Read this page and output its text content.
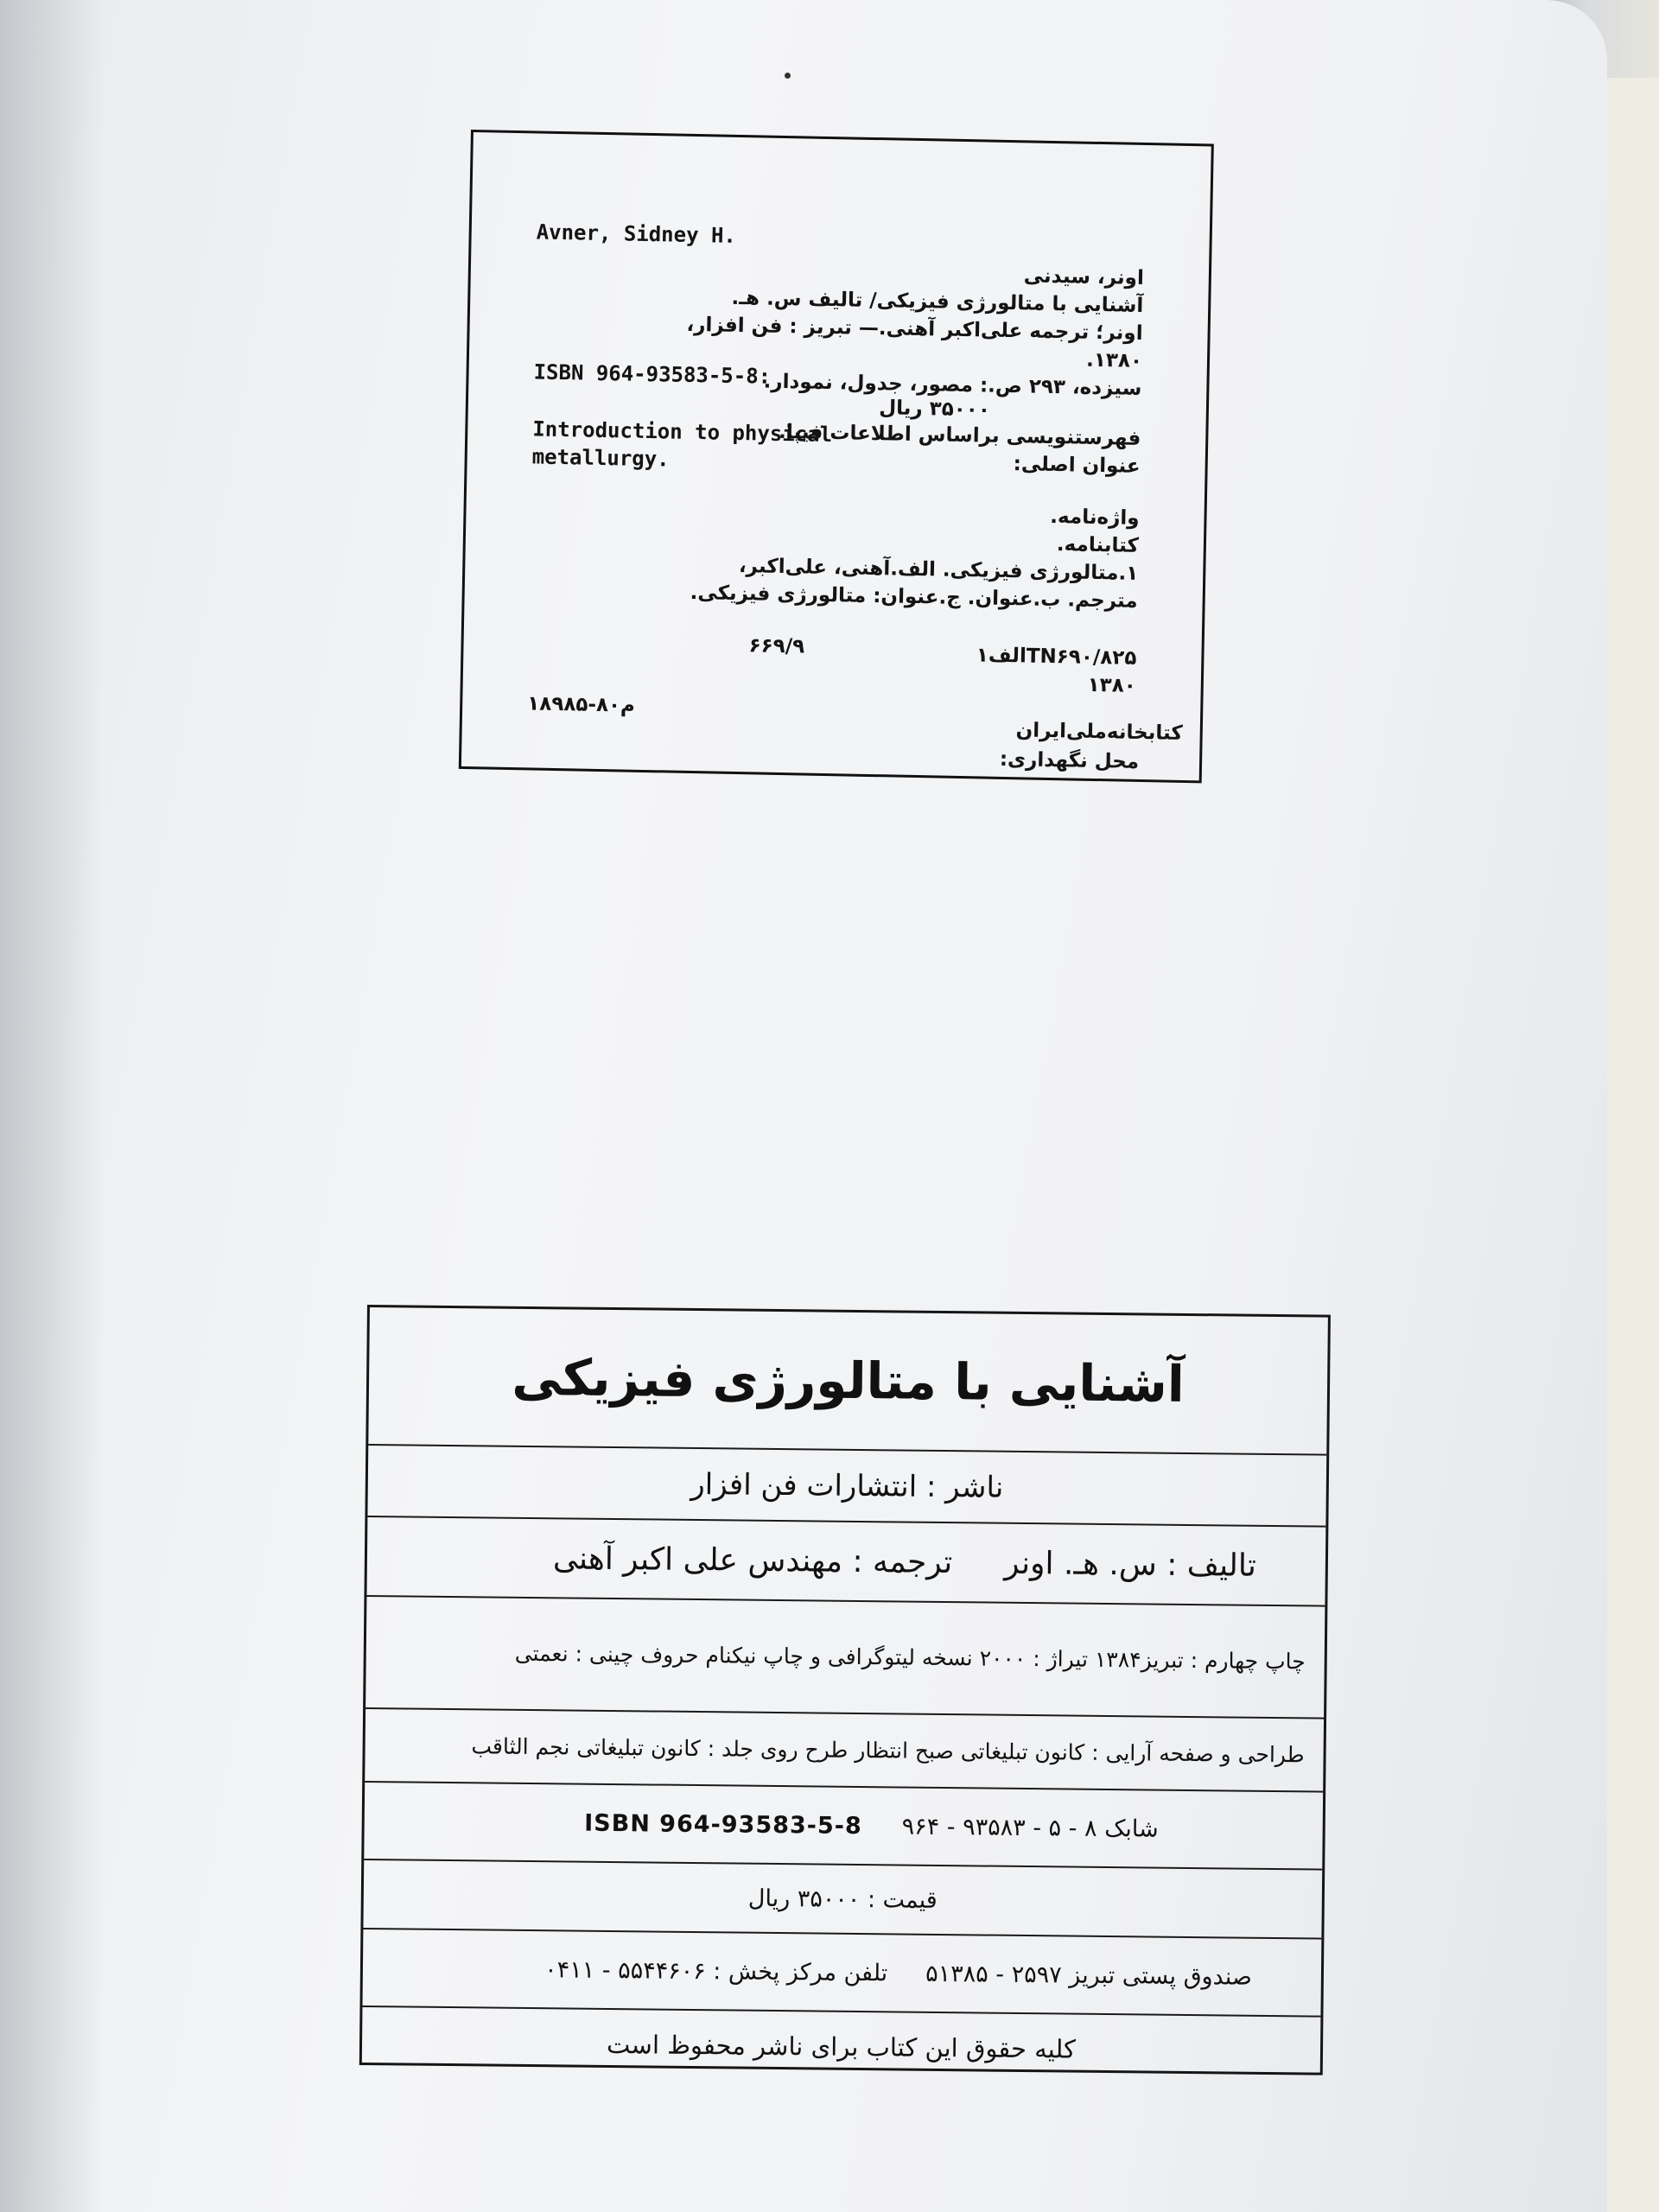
Avner, Sidney H.
اونر، سیدنی
آشنایی با متالورژی فیزیکی/ تالیف س. هـ.
اونر؛ ترجمه علی‌اکبر آهنی.— تبریز : فن افزار،
۱۳۸۰.
سیزده، ۲۹۳ ص.: مصور، جدول، نمودار.
ISBN 964-93583-5-8:
۳۵۰۰۰ ریال
فهرستنویسی براساس اطلاعات فیپا.
Introduction to physical
عنوان اصلی:
metallurgy.
واژه‌نامه.
کتابنامه.
۱.متالورژی فیزیکی. الف.آهنی، علی‌اکبر،
مترجم. ب.عنوان. ج.عنوان: متالورژی فیزیکی.
TN۶۹۰/۸۲۵الف۱
۶۶۹/۹
۱۳۸۰
م۸۰-۱۸۹۸۵
کتابخانه‌ملی‌ایران
محل نگهداری:
آشنایی با متالورژی فیزیکی
ناشر : انتشارات فن افزار
تالیف : س. هـ. اونر
ترجمه : مهندس علی اکبر آهنی
چاپ چهارم : تبریز۱۳۸۴ تیراژ : ۲۰۰۰ نسخه لیتوگرافی و چاپ نیکنام حروف چینی : نعمتی
طراحی و صفحه آرایی : کانون تبلیغاتی صبح انتظار طرح روی جلد : کانون تبلیغاتی نجم الثاقب
شابک ۸ - ۵ - ۹۳۵۸۳ - ۹۶۴
ISBN 964-93583-5-8
قیمت : ۳۵۰۰۰ ریال
صندوق پستی تبریز ۲۵۹۷ - ۵۱۳۸۵
تلفن مرکز پخش : ۵۵۴۴۶۰۶ - ۰۴۱۱
کلیه حقوق این کتاب برای ناشر محفوظ است
